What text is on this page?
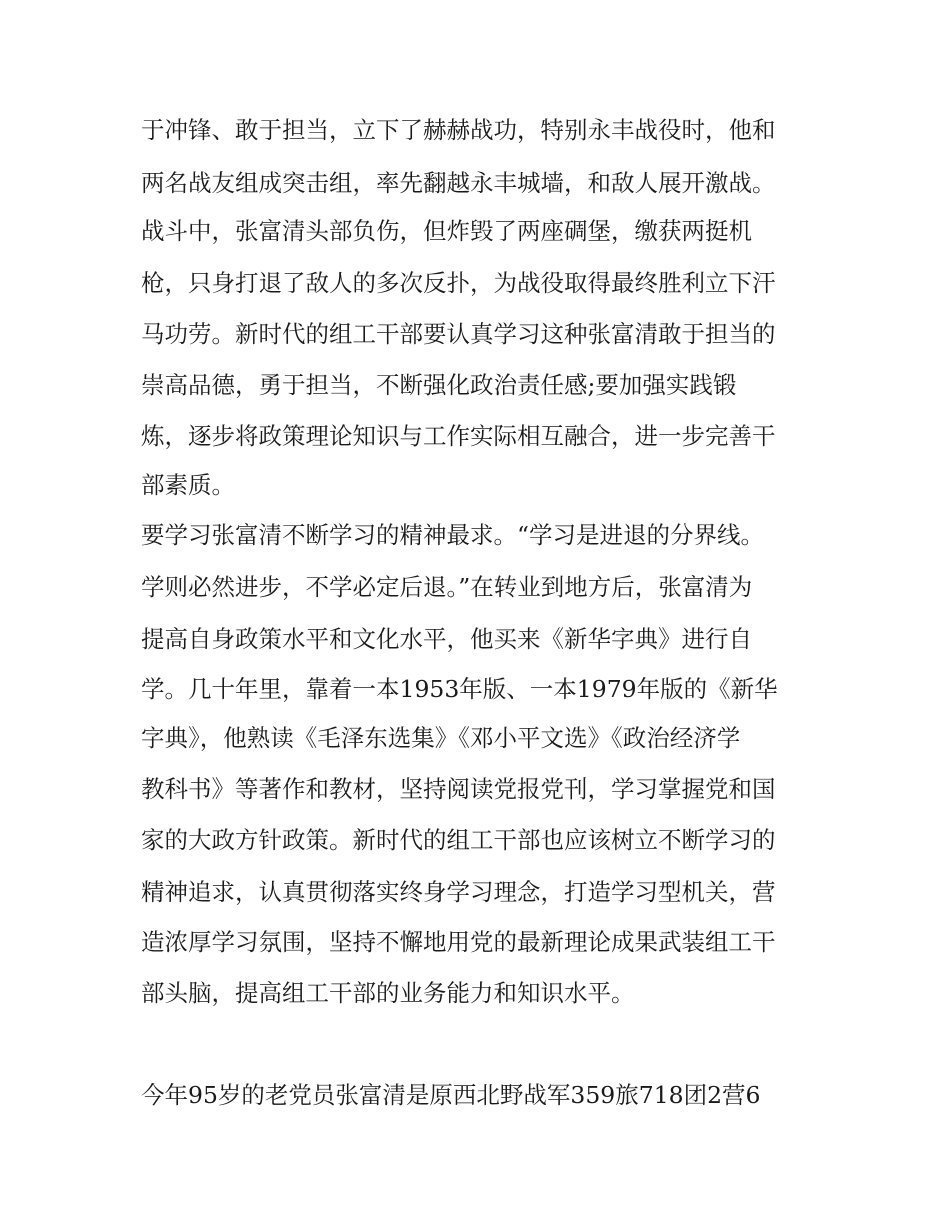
于冲锋、敢于担当，立下了赫赫战功，特别永丰战役时，他和
两名战友组成突击组，率先翻越永丰城墙，和敌人展开激战。
战斗中，张富清头部负伤，但炸毁了两座碉堡，缴获两挺机
枪，只身打退了敌人的多次反扑，为战役取得最终胜利立下汗
马功劳。新时代的组工干部要认真学习这种张富清敢于担当的
崇高品德，勇于担当，不断强化政治责任感;要加强实践锻
炼，逐步将政策理论知识与工作实际相互融合，进一步完善干
部素质。
要学习张富清不断学习的精神最求。“学习是进退的分界线。
学则必然进步，不学必定后退。”在转业到地方后，张富清为
提高自身政策水平和文化水平，他买来《新华字典》进行自
学。几十年里，靠着一本1953年版、一本1979年版的《新华
字典》，他熟读《毛泽东选集》《邓小平文选》《政治经济学
教科书》等著作和教材，坚持阅读党报党刊，学习掌握党和国
家的大政方针政策。新时代的组工干部也应该树立不断学习的
精神追求，认真贯彻落实终身学习理念，打造学习型机关，营
造浓厚学习氛围，坚持不懈地用党的最新理论成果武装组工干
部头脑，提高组工干部的业务能力和知识水平。
今年95岁的老党员张富清是原西北野战军359旅718团2营6
